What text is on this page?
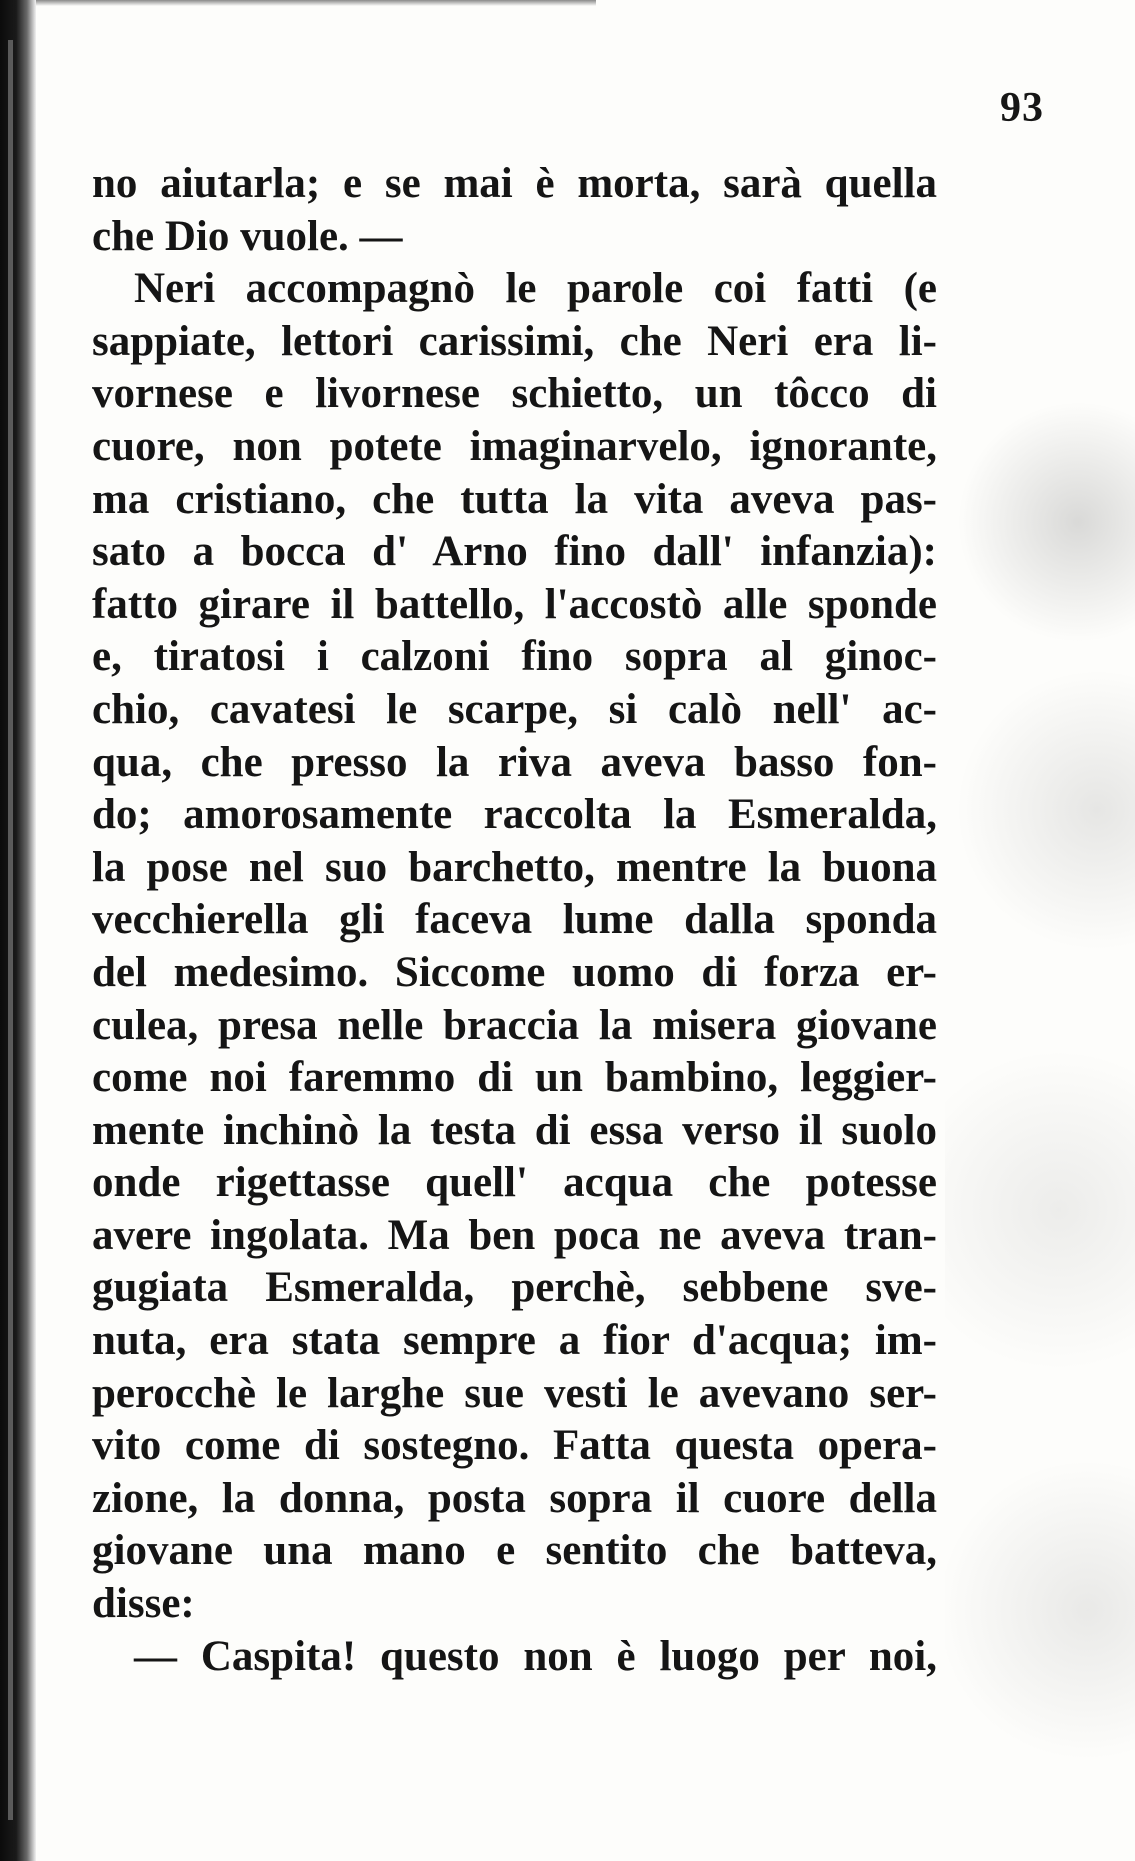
93
no aiutarla; e se mai è morta, sarà quella
che Dio vuole. —
Neri accompagnò le parole coi fatti (e
sappiate, lettori carissimi, che Neri era li-
vornese e livornese schietto, un tôcco di
cuore, non potete imaginarvelo, ignorante,
ma cristiano, che tutta la vita aveva pas-
sato a bocca d' Arno fino dall' infanzia):
fatto girare il battello, l'accostò alle sponde
e, tiratosi i calzoni fino sopra al ginoc-
chio, cavatesi le scarpe, si calò nell' ac-
qua, che presso la riva aveva basso fon-
do; amorosamente raccolta la Esmeralda,
la pose nel suo barchetto, mentre la buona
vecchierella gli faceva lume dalla sponda
del medesimo. Siccome uomo di forza er-
culea, presa nelle braccia la misera giovane
come noi faremmo di un bambino, leggier-
mente inchinò la testa di essa verso il suolo
onde rigettasse quell' acqua che potesse
avere ingolata. Ma ben poca ne aveva tran-
gugiata Esmeralda, perchè, sebbene sve-
nuta, era stata sempre a fior d'acqua; im-
perocchè le larghe sue vesti le avevano ser-
vito come di sostegno. Fatta questa opera-
zione, la donna, posta sopra il cuore della
giovane una mano e sentito che batteva,
disse:
— Caspita! questo non è luogo per noi,
